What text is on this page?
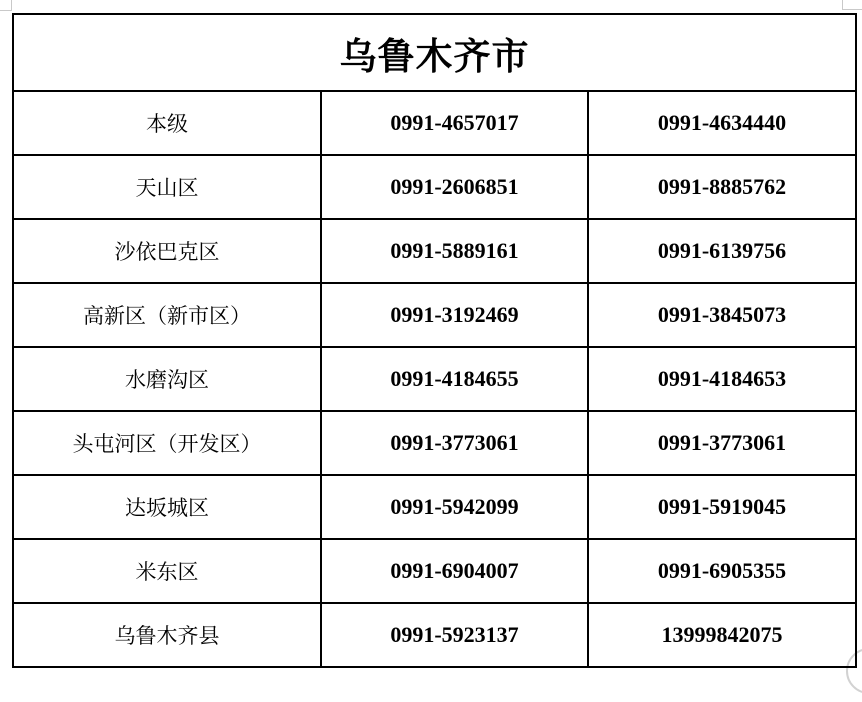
乌鲁木齐市		
本级	0991-4657017	0991-4634440
天山区	0991-2606851	0991-8885762
沙依巴克区	0991-5889161	0991-6139756
高新区（新市区）	0991-3192469	0991-3845073
水磨沟区	0991-4184655	0991-4184653
头屯河区（开发区）	0991-3773061	0991-3773061
达坂城区	0991-5942099	0991-5919045
米东区	0991-6904007	0991-6905355
乌鲁木齐县	0991-5923137	13999842075
